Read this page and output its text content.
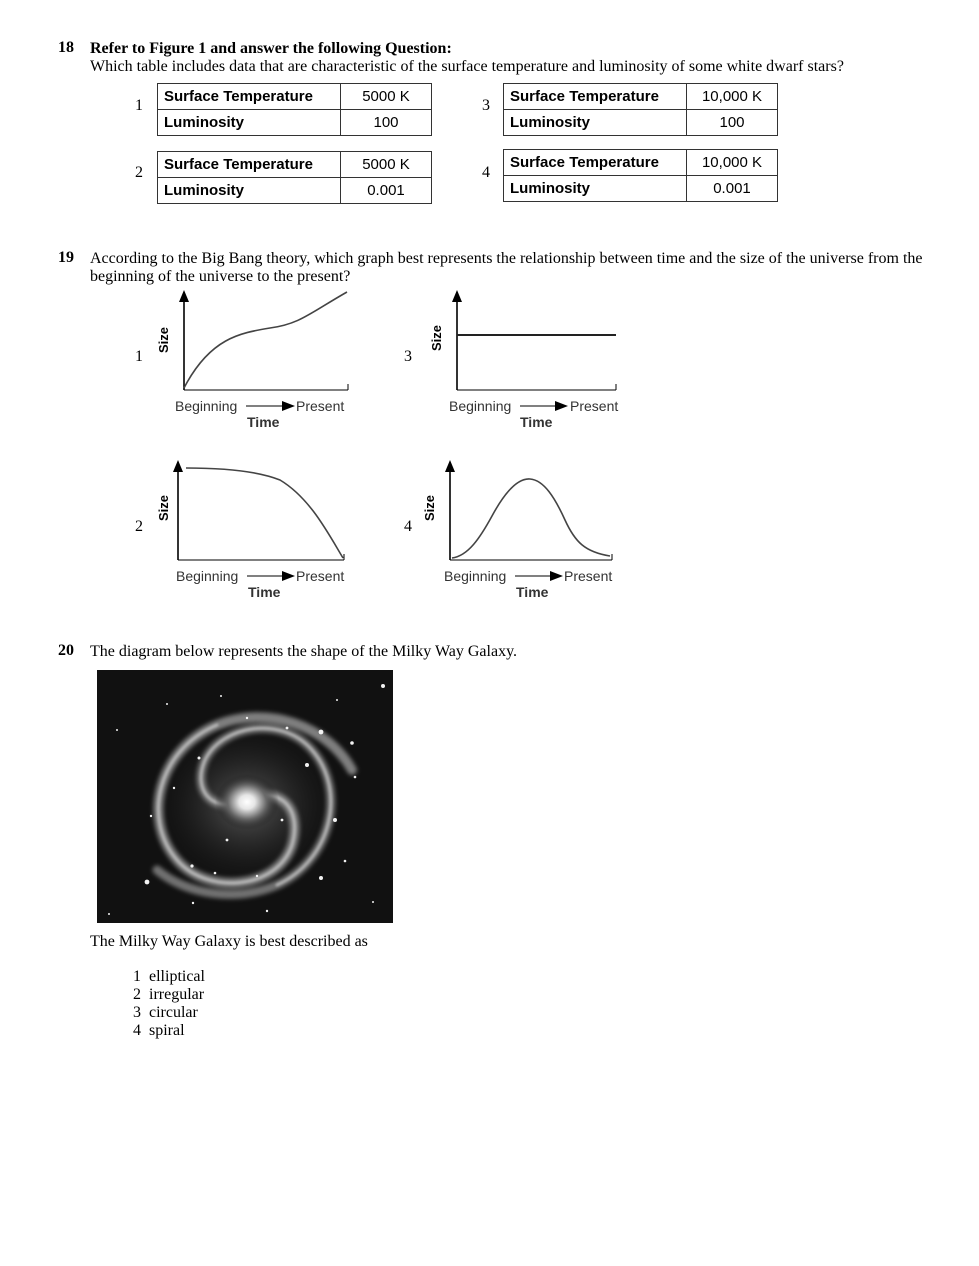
18 Refer to Figure 1 and answer the following Question:
Which table includes data that are characteristic of the surface temperature and luminosity of some white dwarf stars?
1
Surface Temperature	5000 K
Luminosity	100
2 Surface Temperature	5000 K
Luminosity	0.001
3
Surface Temperature	10,000 K
Luminosity	100
4
Surface Temperature	10,000 K
Luminosity	0.001
19 According to the Big Bang theory, which graph best represents the relationship between time and the size of the universe from the beginning of the universe to the present?
1
Size
Beginning	Present
Time
3
Size
Beginning	Present
Time
2
Size
Beginning	Present
Time
4
Size
Beginning	Present
Time
20 The diagram below represents the shape of the Milky Way Galaxy.
The Milky Way Galaxy is best described as
1 elliptical
2 irregular
3 circular
4 spiral
